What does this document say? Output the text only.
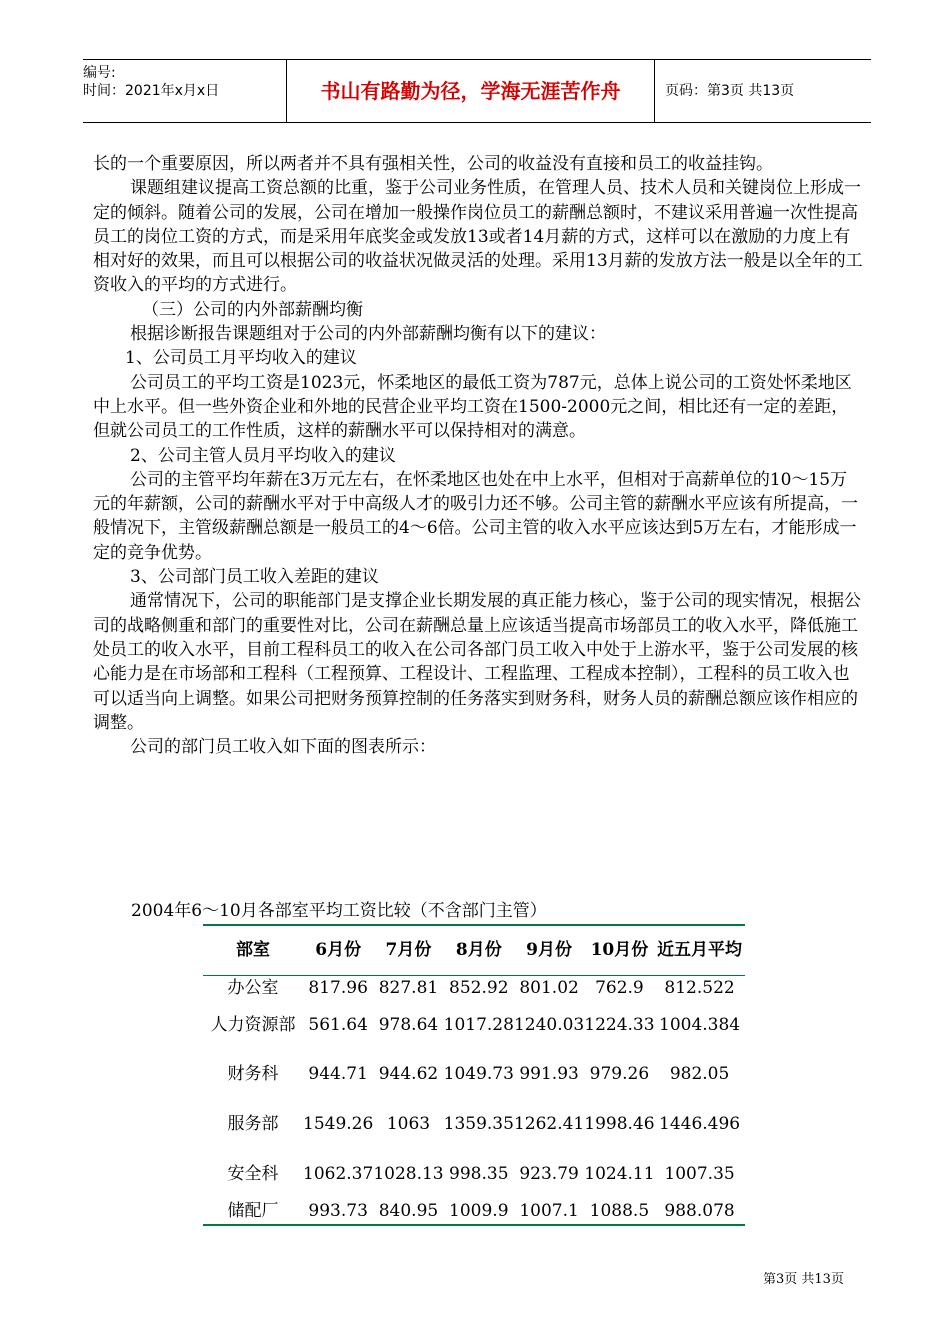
编号:
时间：2021年x月x日	书山有路勤为径，学海无涯苦作舟	页码：第3页 共13页

长的一个重要原因，所以两者并不具有强相关性，公司的收益没有直接和员工的收益挂钩。

课题组建议提高工资总额的比重，鉴于公司业务性质，在管理人员、技术人员和关键岗位上形成一定的倾斜。随着公司的发展，公司在增加一般操作岗位员工的薪酬总额时，不建议采用普遍一次性提高员工的岗位工资的方式，而是采用年底奖金或发放13或者14月薪的方式，这样可以在激励的力度上有相对好的效果，而且可以根据公司的收益状况做灵活的处理。采用13月薪的发放方法一般是以全年的工资收入的平均的方式进行。

（三）公司的内外部薪酬均衡

根据诊断报告课题组对于公司的内外部薪酬均衡有以下的建议：

1、公司员工月平均收入的建议

公司员工的平均工资是1023元，怀柔地区的最低工资为787元，总体上说公司的工资处怀柔地区中上水平。但一些外资企业和外地的民营企业平均工资在1500-2000元之间，相比还有一定的差距，但就公司员工的工作性质，这样的薪酬水平可以保持相对的满意。

2、公司主管人员月平均收入的建议

公司的主管平均年薪在3万元左右，在怀柔地区也处在中上水平，但相对于高薪单位的10～15万元的年薪额，公司的薪酬水平对于中高级人才的吸引力还不够。公司主管的薪酬水平应该有所提高，一般情况下，主管级薪酬总额是一般员工的4～6倍。公司主管的收入水平应该达到5万左右，才能形成一定的竞争优势。

3、公司部门员工收入差距的建议

通常情况下，公司的职能部门是支撑企业长期发展的真正能力核心，鉴于公司的现实情况，根据公司的战略侧重和部门的重要性对比，公司在薪酬总量上应该适当提高市场部员工的收入水平，降低施工处员工的收入水平，目前工程科员工的收入在公司各部门员工收入中处于上游水平，鉴于公司发展的核心能力是在市场部和工程科（工程预算、工程设计、工程监理、工程成本控制），工程科的员工收入也可以适当向上调整。如果公司把财务预算控制的任务落实到财务科，财务人员的薪酬总额应该作相应的调整。

公司的部门员工收入如下面的图表所示：

2004年6～10月各部室平均工资比较（不含部门主管）
部室	6月份	7月份	8月份	9月份	10月份	近五月平均
办公室	817.96	827.81	852.92	801.02	762.9	812.522
人力资源部	561.64	978.64	1017.28	1240.03	1224.33	1004.384
财务科	944.71	944.62	1049.73	991.93	979.26	982.05
服务部	1549.26	1063	1359.35	1262.41	1998.46	1446.496
安全科	1062.37	1028.13	998.35	923.79	1024.11	1007.35
储配厂	993.73	840.95	1009.9	1007.1	1088.5	988.078
第3页 共13页
